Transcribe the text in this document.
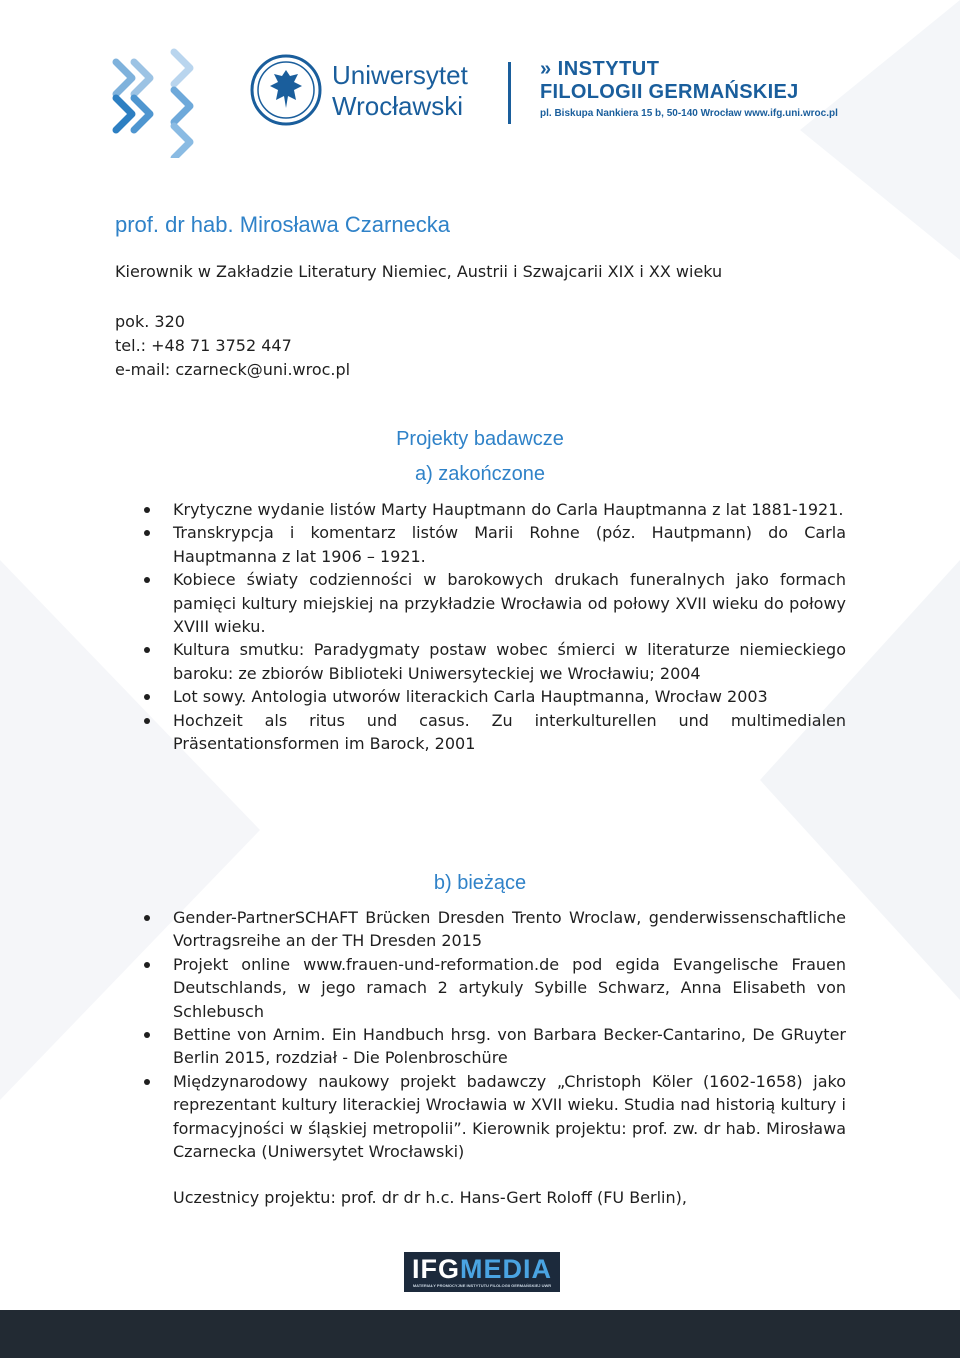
Uniwersytet
Wrocławski
» INSTYTUT
FILOLOGII GERMAŃSKIEJ
pl. Biskupa Nankiera 15 b, 50-140 Wrocław www.ifg.uni.wroc.pl
prof. dr hab. Mirosława Czarnecka
Kierownik w Zakładzie Literatury Niemiec, Austrii i Szwajcarii XIX i XX wieku
pok. 320
tel.: +48 71 3752 447
e-mail: czarneck@uni.wroc.pl
Projekty badawcze
a) zakończone
Krytyczne wydanie listów Marty Hauptmann do Carla Hauptmanna z lat 1881-1921.
Transkrypcja i komentarz listów Marii Rohne (póz. Hautpmann) do Carla Hauptmanna z lat 1906 – 1921.
Kobiece światy codzienności w barokowych drukach funeralnych jako formach pamięci kultury miejskiej na przykładzie Wrocławia od połowy XVII wieku do połowy XVIII wieku.
Kultura smutku: Paradygmaty postaw wobec śmierci w literaturze niemieckiego baroku: ze zbiorów Biblioteki Uniwersyteckiej we Wrocławiu; 2004
Lot sowy. Antologia utworów literackich Carla Hauptmanna, Wrocław 2003
Hochzeit als ritus und casus. Zu interkulturellen und multimedialen Präsentationsformen im Barock, 2001
b) bieżące
Gender-PartnerSCHAFT Brücken Dresden Trento Wroclaw, genderwissenschaftliche Vortragsreihe an der TH Dresden 2015
Projekt online www.frauen-und-reformation.de pod egida Evangelische Frauen Deutschlands, w jego ramach 2 artykuly Sybille Schwarz, Anna Elisabeth von Schlebusch
Bettine von Arnim. Ein Handbuch hrsg. von Barbara Becker-Cantarino, De GRuyter Berlin 2015, rozdział - Die Polenbroschüre
Międzynarodowy naukowy projekt badawczy „Christoph Köler (1602-1658) jako reprezentant kultury literackiej Wrocławia w XVII wieku. Studia nad historią kultury i formacyjności w śląskiej metropolii”. Kierownik projektu: prof. zw. dr hab. Mirosława Czarnecka (Uniwersytet Wrocławski)
Uczestnicy projektu: prof. dr dr h.c. Hans-Gert Roloff (FU Berlin),
IFGMEDIA
MATERIAŁY PROMOCYJNE INSTYTUTU FILOLOGII GERMAŃSKIEJ UWR
